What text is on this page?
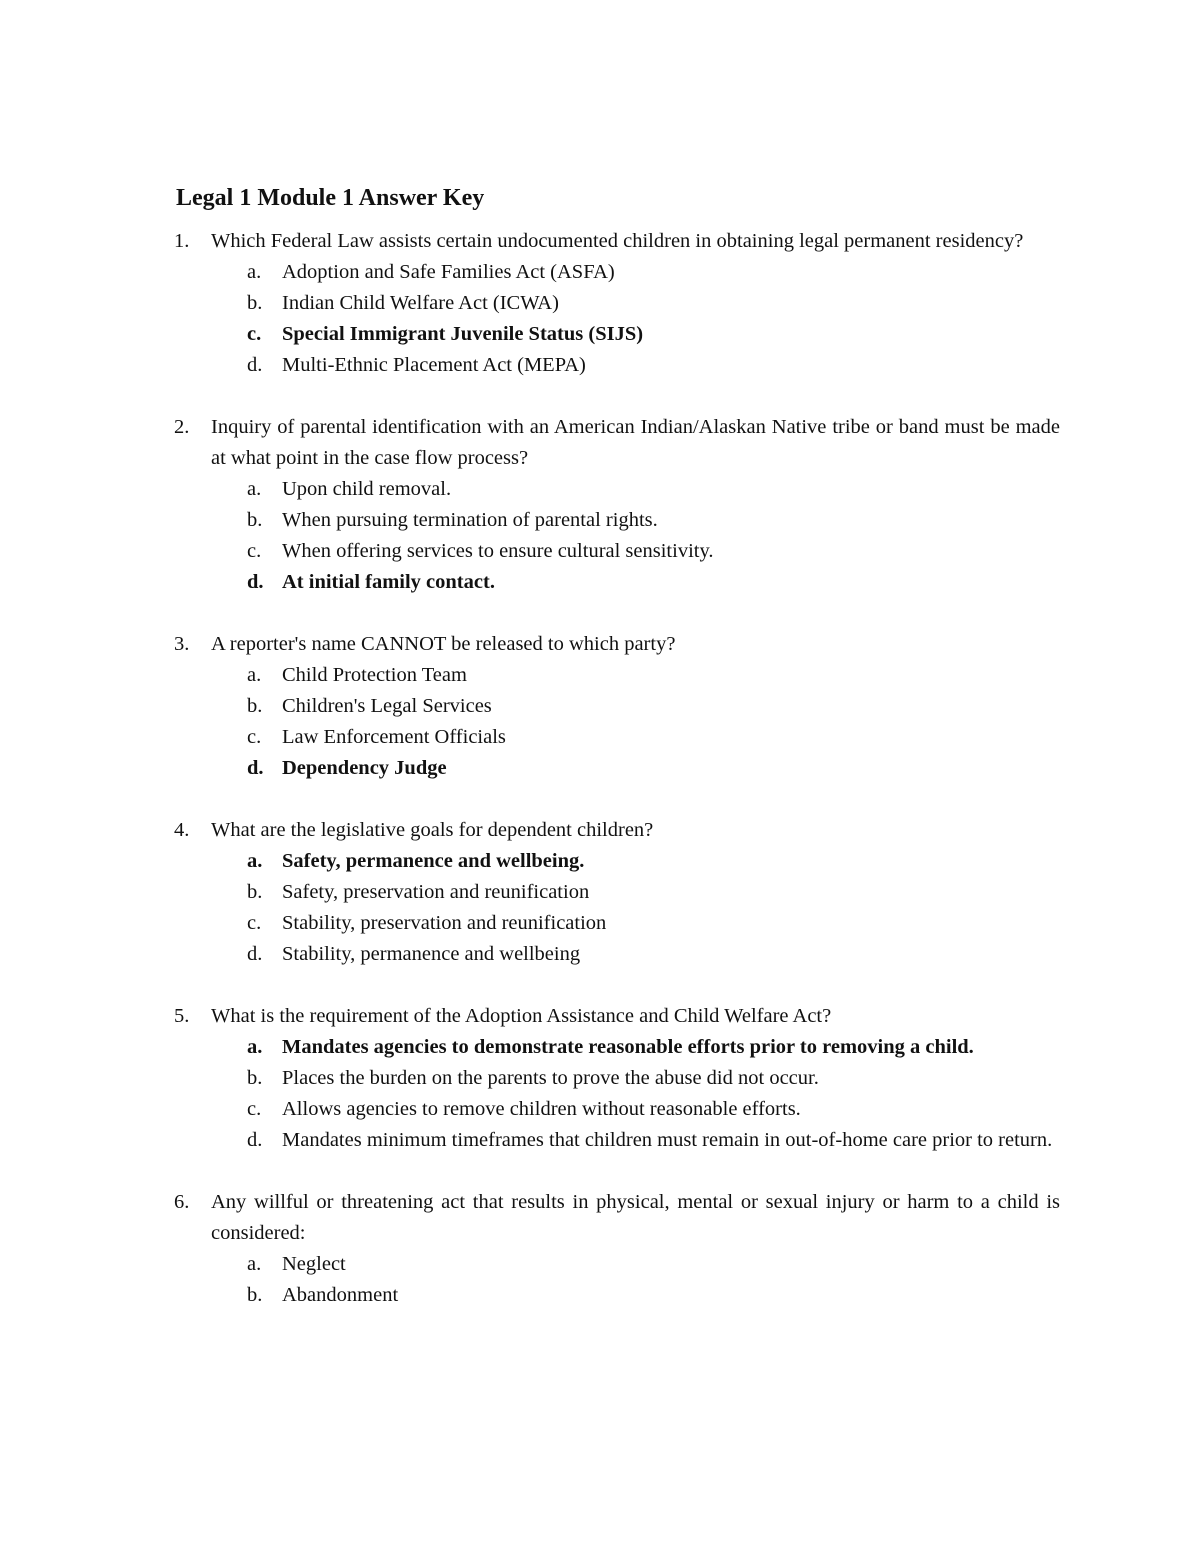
Legal 1 Module 1 Answer Key
1. Which Federal Law assists certain undocumented children in obtaining legal permanent residency?
a. Adoption and Safe Families Act (ASFA)
b. Indian Child Welfare Act (ICWA)
c. Special Immigrant Juvenile Status (SIJS)
d. Multi-Ethnic Placement Act (MEPA)
2. Inquiry of parental identification with an American Indian/Alaskan Native tribe or band must be made at what point in the case flow process?
a. Upon child removal.
b. When pursuing termination of parental rights.
c. When offering services to ensure cultural sensitivity.
d. At initial family contact.
3. A reporter's name CANNOT be released to which party?
a. Child Protection Team
b. Children's Legal Services
c. Law Enforcement Officials
d. Dependency Judge
4. What are the legislative goals for dependent children?
a. Safety, permanence and wellbeing.
b. Safety, preservation and reunification
c. Stability, preservation and reunification
d. Stability, permanence and wellbeing
5. What is the requirement of the Adoption Assistance and Child Welfare Act?
a. Mandates agencies to demonstrate reasonable efforts prior to removing a child.
b. Places the burden on the parents to prove the abuse did not occur.
c. Allows agencies to remove children without reasonable efforts.
d. Mandates minimum timeframes that children must remain in out-of-home care prior to return.
6. Any willful or threatening act that results in physical, mental or sexual injury or harm to a child is considered:
a. Neglect
b. Abandonment
